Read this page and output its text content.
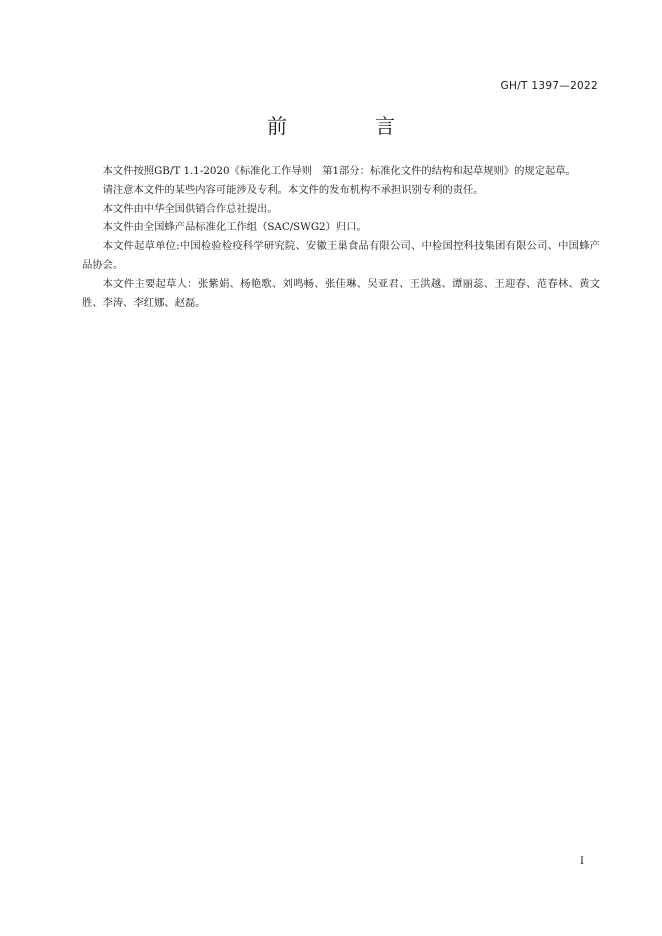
GH/T 1397—2022
前　言

本文件按照GB/T 1.1-2020《标准化工作导则　第1部分：标准化文件的结构和起草规则》的规定起草。

请注意本文件的某些内容可能涉及专利。本文件的发布机构不承担识别专利的责任。

本文件由中华全国供销合作总社提出。

本文件由全国蜂产品标准化工作组（SAC/SWG2）归口。

本文件起草单位:中国检验检疫科学研究院、安徽王巢食品有限公司、中检国控科技集团有限公司、中国蜂产品协会。

本文件主要起草人：张紫娟、杨艳歌、刘鸣畅、张佳琳、吴亚君、王洪越、谭丽蕊、王迎春、范春林、黄文胜、李涛、李红娜、赵磊。

I
